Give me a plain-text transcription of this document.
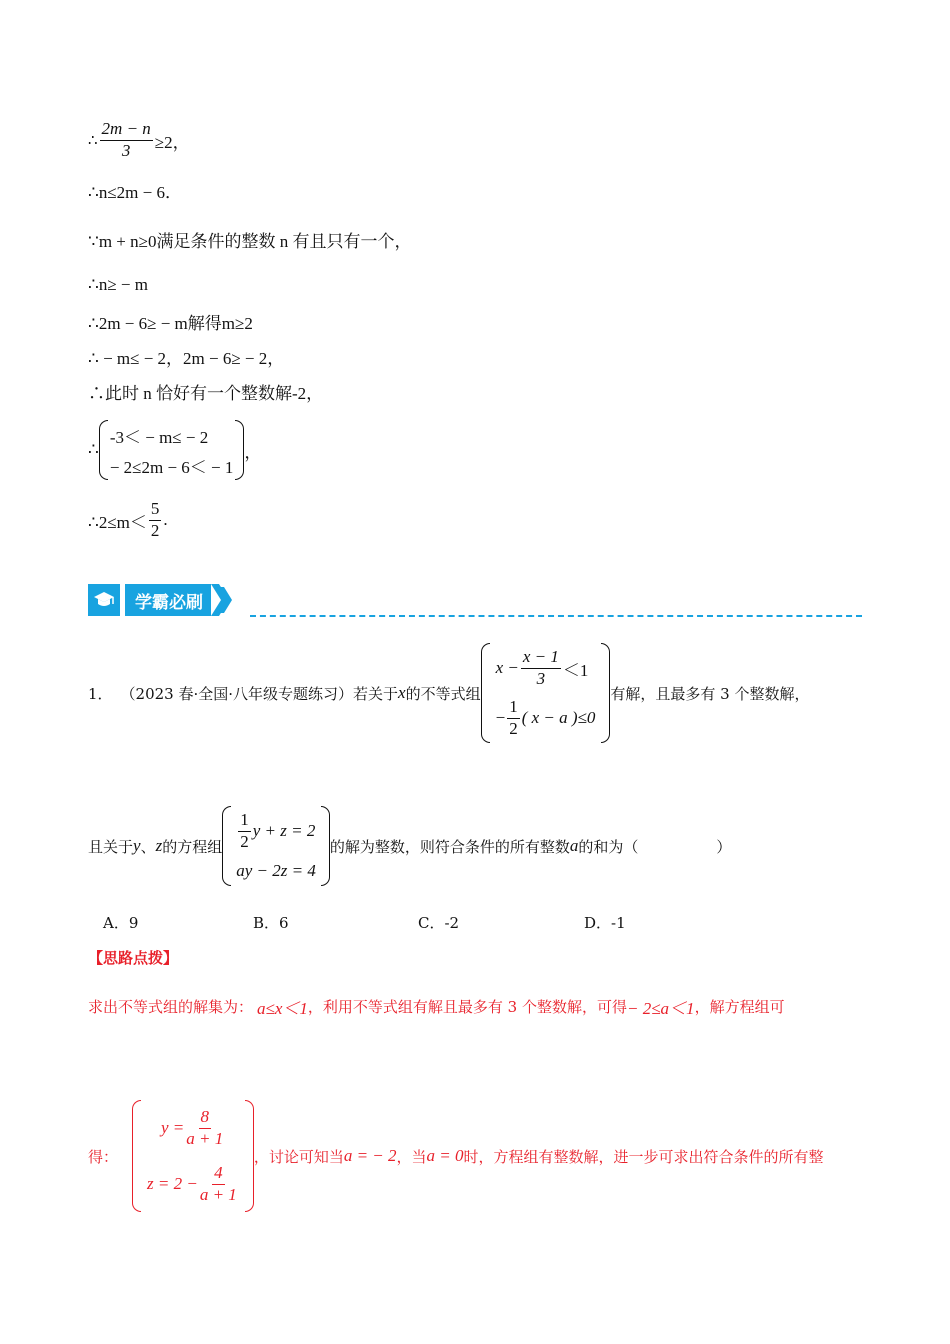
∴ $\frac{2m - n}{3} \ge 2$，
∴n≤2m − 6．
∵m + n≥0满足条件的整数 n 有且只有一个，
∴n≥ − m
∴2m − 6≥ − m解得m≥2
∴ − m≤ − 2，2m − 6≥ − 2，
∴此时 n 恰好有一个整数解-2，
∴
-3＜ − m≤ − 2
− 2≤2m − 6＜ − 1
，
∴2≤m＜ $\frac{5}{2}$ .
学霸必刷
1． （2023 春·全国·八年级专题练习）若关于 x 的不等式组
$x - \frac{x - 1}{3} <1$
− $\frac{1}{2}$ ( x − a )≤0
有解，且最多有 3 个整数解，
且关于 y 、 z 的方程组 $\frac{1}{2}$ y + z = 2
ay − 2z = 4
的解为整数，则符合条件的所有整数 a 的和为（	）
A．9	B．6	C．-2	D．-1
【思路点拨】
求出不等式组的解集为： a≤x＜1 ，利用不等式组有解且最多有 3 个整数解，可得 − 2≤a＜1 ，解方程组可
得：
$y = \frac{8}{a + 1}$
$z = 2 - \frac{4}{a + 1}$
，讨论可知当 a = − 2 ，当 a = 0 时，方程组有整数解，进一步可求出符合条件的所有整
